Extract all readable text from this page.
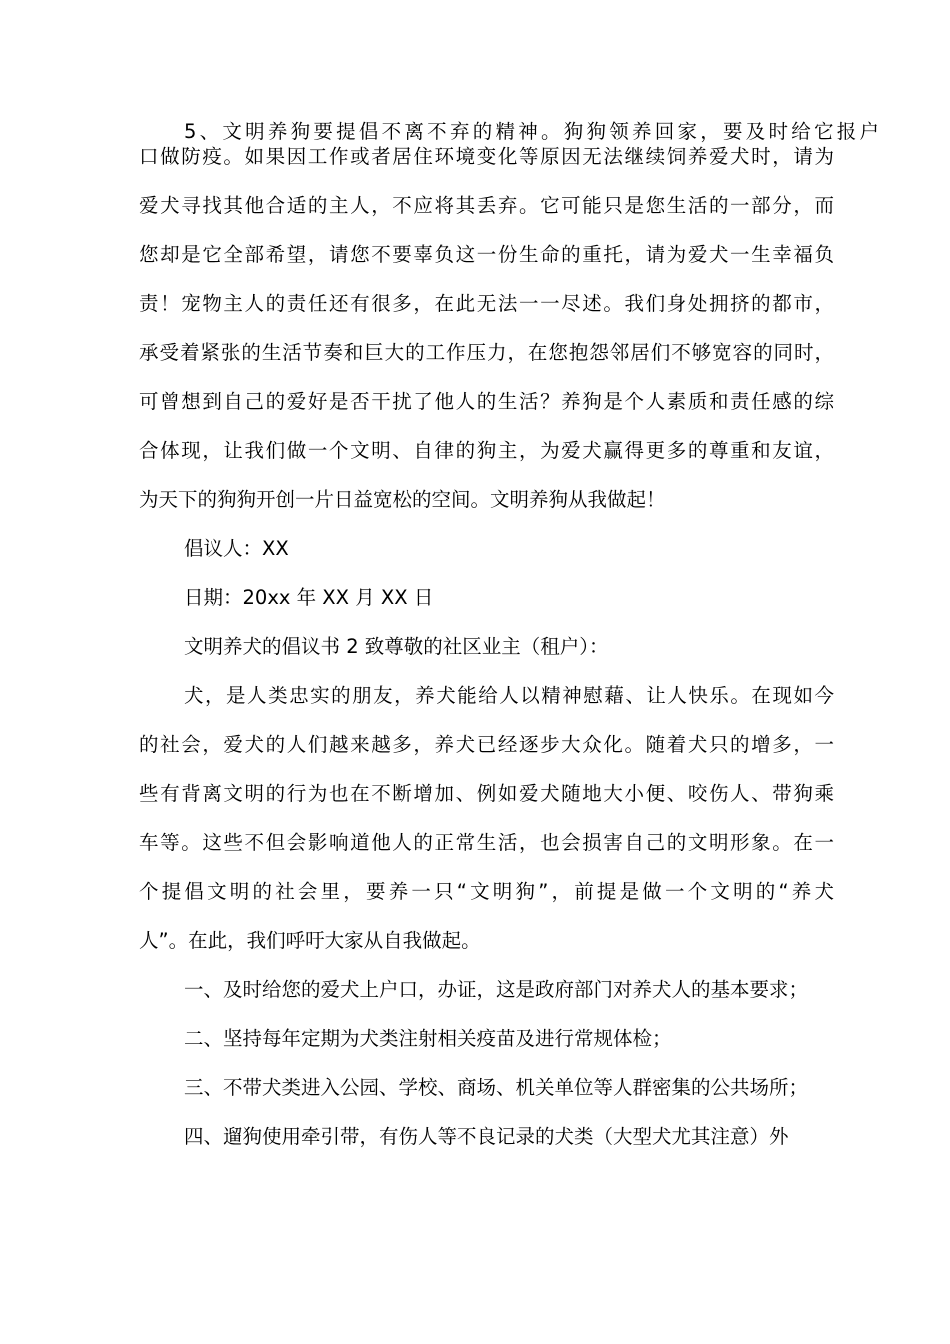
5、文明养狗要提倡不离不弃的精神。狗狗领养回家，要及时给它报户
口做防疫。如果因工作或者居住环境变化等原因无法继续饲养爱犬时，请为
爱犬寻找其他合适的主人，不应将其丢弃。它可能只是您生活的一部分，而
您却是它全部希望，请您不要辜负这一份生命的重托，请为爱犬一生幸福负
责！宠物主人的责任还有很多，在此无法一一尽述。我们身处拥挤的都市，
承受着紧张的生活节奏和巨大的工作压力，在您抱怨邻居们不够宽容的同时，
可曾想到自己的爱好是否干扰了他人的生活？养狗是个人素质和责任感的综
合体现，让我们做一个文明、自律的狗主，为爱犬赢得更多的尊重和友谊，
为天下的狗狗开创一片日益宽松的空间。文明养狗从我做起！
倡议人：XX
日期：20xx 年 XX 月 XX 日
文明养犬的倡议书 2 致尊敬的社区业主（租户）：
犬，是人类忠实的朋友，养犬能给人以精神慰藉、让人快乐。在现如今
的社会，爱犬的人们越来越多，养犬已经逐步大众化。随着犬只的增多，一
些有背离文明的行为也在不断增加、例如爱犬随地大小便、咬伤人、带狗乘
车等。这些不但会影响道他人的正常生活，也会损害自己的文明形象。在一
个提倡文明的社会里，要养一只“文明狗”，前提是做一个文明的“养犬
人”。在此，我们呼吁大家从自我做起。
一、及时给您的爱犬上户口，办证，这是政府部门对养犬人的基本要求；
二、坚持每年定期为犬类注射相关疫苗及进行常规体检；
三、不带犬类进入公园、学校、商场、机关单位等人群密集的公共场所；
四、遛狗使用牵引带，有伤人等不良记录的犬类（大型犬尤其注意）外
